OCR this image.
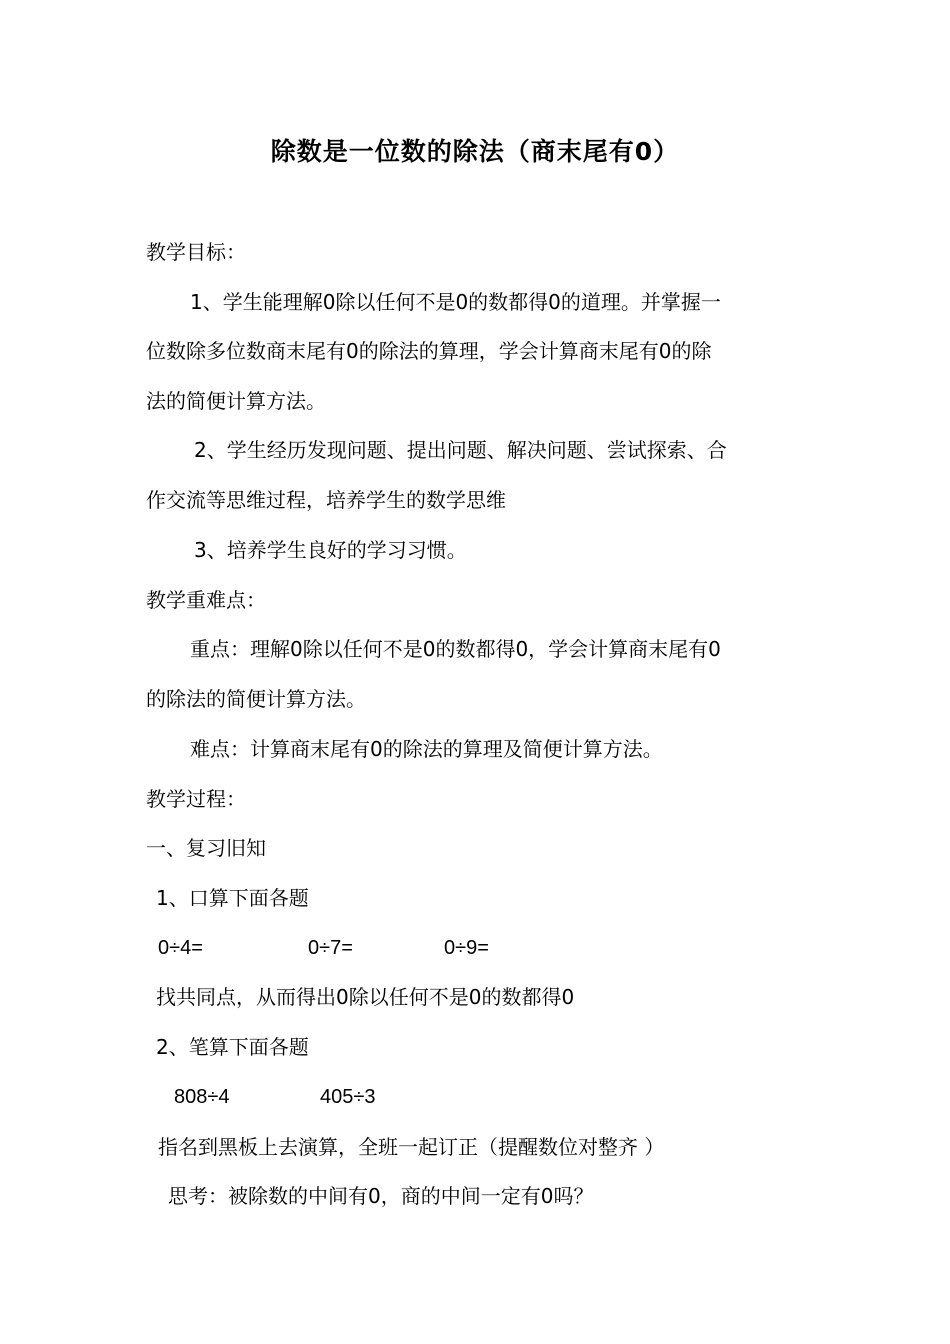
除数是一位数的除法（商末尾有0）
教学目标：
1、学生能理解0除以任何不是0的数都得0的道理。并掌握一
位数除多位数商末尾有0的除法的算理，学会计算商末尾有0的除
法的简便计算方法。
2、学生经历发现问题、提出问题、解决问题、尝试探索、合
作交流等思维过程，培养学生的数学思维
3、培养学生良好的学习习惯。
教学重难点：
重点：理解0除以任何不是0的数都得0，学会计算商末尾有0
的除法的简便计算方法。
难点：计算商末尾有0的除法的算理及简便计算方法。
教学过程：
一、复习旧知
1、口算下面各题
0÷4=	0÷7=	0÷9=
找共同点，从而得出0除以任何不是0的数都得0
2、笔算下面各题
808÷4	405÷3
指名到黑板上去演算，全班一起订正（提醒数位对整齐 ）
思考：被除数的中间有0，商的中间一定有0吗？
